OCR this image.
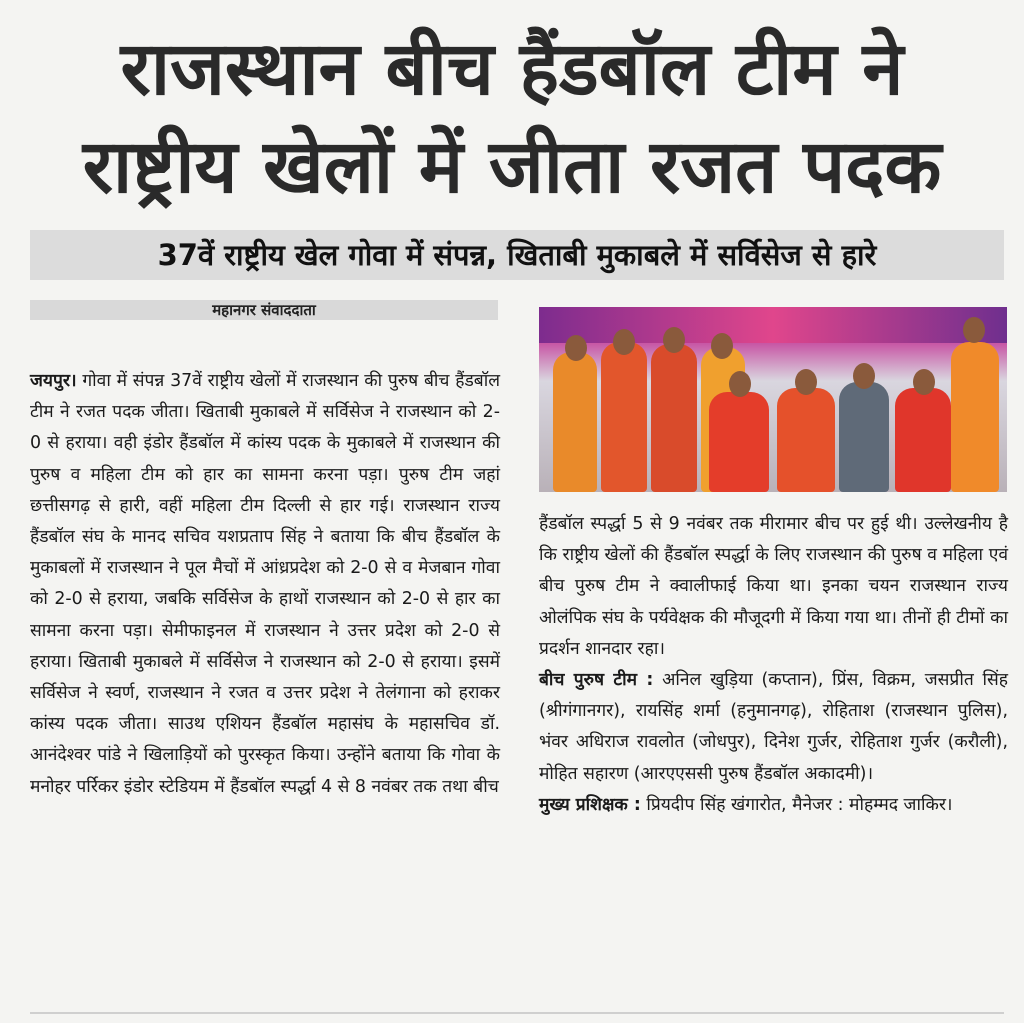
राजस्थान बीच हैंडबॉल टीम ने
राष्ट्रीय खेलों में जीता रजत पदक
37वें राष्ट्रीय खेल गोवा में संपन्न, खिताबी मुकाबले में सर्विसेज से हारे
महानगर संवाददाता
जयपुर। गोवा में संपन्न 37वें राष्ट्रीय खेलों में राजस्थान की पुरुष बीच हैंडबॉल टीम ने रजत पदक जीता। खिताबी मुकाबले में सर्विसेज ने राजस्थान को 2-0 से हराया। वही इंडोर हैंडबॉल में कांस्य पदक के मुकाबले में राजस्थान की पुरुष व महिला टीम को हार का सामना करना पड़ा। पुरुष टीम जहां छत्तीसगढ़ से हारी, वहीं महिला टीम दिल्ली से हार गई। राजस्थान राज्य हैंडबॉल संघ के मानद सचिव यशप्रताप सिंह ने बताया कि बीच हैंडबॉल के मुकाबलों में राजस्थान ने पूल मैचों में आंध्रप्रदेश को 2-0 से व मेजबान गोवा को 2-0 से हराया, जबकि सर्विसेज के हाथों राजस्थान को 2-0 से हार का सामना करना पड़ा। सेमीफाइनल में राजस्थान ने उत्तर प्रदेश को 2-0 से हराया। खिताबी मुकाबले में सर्विसेज ने राजस्थान को 2-0 से हराया। इसमें सर्विसेज ने स्वर्ण, राजस्थान ने रजत व उत्तर प्रदेश ने तेलंगाना को हराकर कांस्य पदक जीता। साउथ एशियन हैंडबॉल महासंघ के महासचिव डॉ. आनंदेश्वर पांडे ने खिलाड़ियों को पुरस्कृत किया। उन्होंने बताया कि गोवा के मनोहर पर्रिकर इंडोर स्टेडियम में हैंडबॉल स्पर्द्धा 4 से 8 नवंबर तक तथा बीच
हैंडबॉल स्पर्द्धा 5 से 9 नवंबर तक मीरामार बीच पर हुई थी। उल्लेखनीय है कि राष्ट्रीय खेलों की हैंडबॉल स्पर्द्धा के लिए राजस्थान की पुरुष व महिला एवं बीच पुरुष टीम ने क्वालीफाई किया था। इनका चयन राजस्थान राज्य ओलंपिक संघ के पर्यवेक्षक की मौजूदगी में किया गया था। तीनों ही टीमों का प्रदर्शन शानदार रहा।
बीच पुरुष टीम : अनिल खुड़िया (कप्तान), प्रिंस, विक्रम, जसप्रीत सिंह (श्रीगंगानगर), रायसिंह शर्मा (हनुमानगढ़), रोहिताश (राजस्थान पुलिस), भंवर अधिराज रावलोत (जोधपुर), दिनेश गुर्जर, रोहिताश गुर्जर (करौली), मोहित सहारण (आरएएससी पुरुष हैंडबॉल अकादमी)।
मुख्य प्रशिक्षक : प्रियदीप सिंह खंगारोत, मैनेजर : मोहम्मद जाकिर।
